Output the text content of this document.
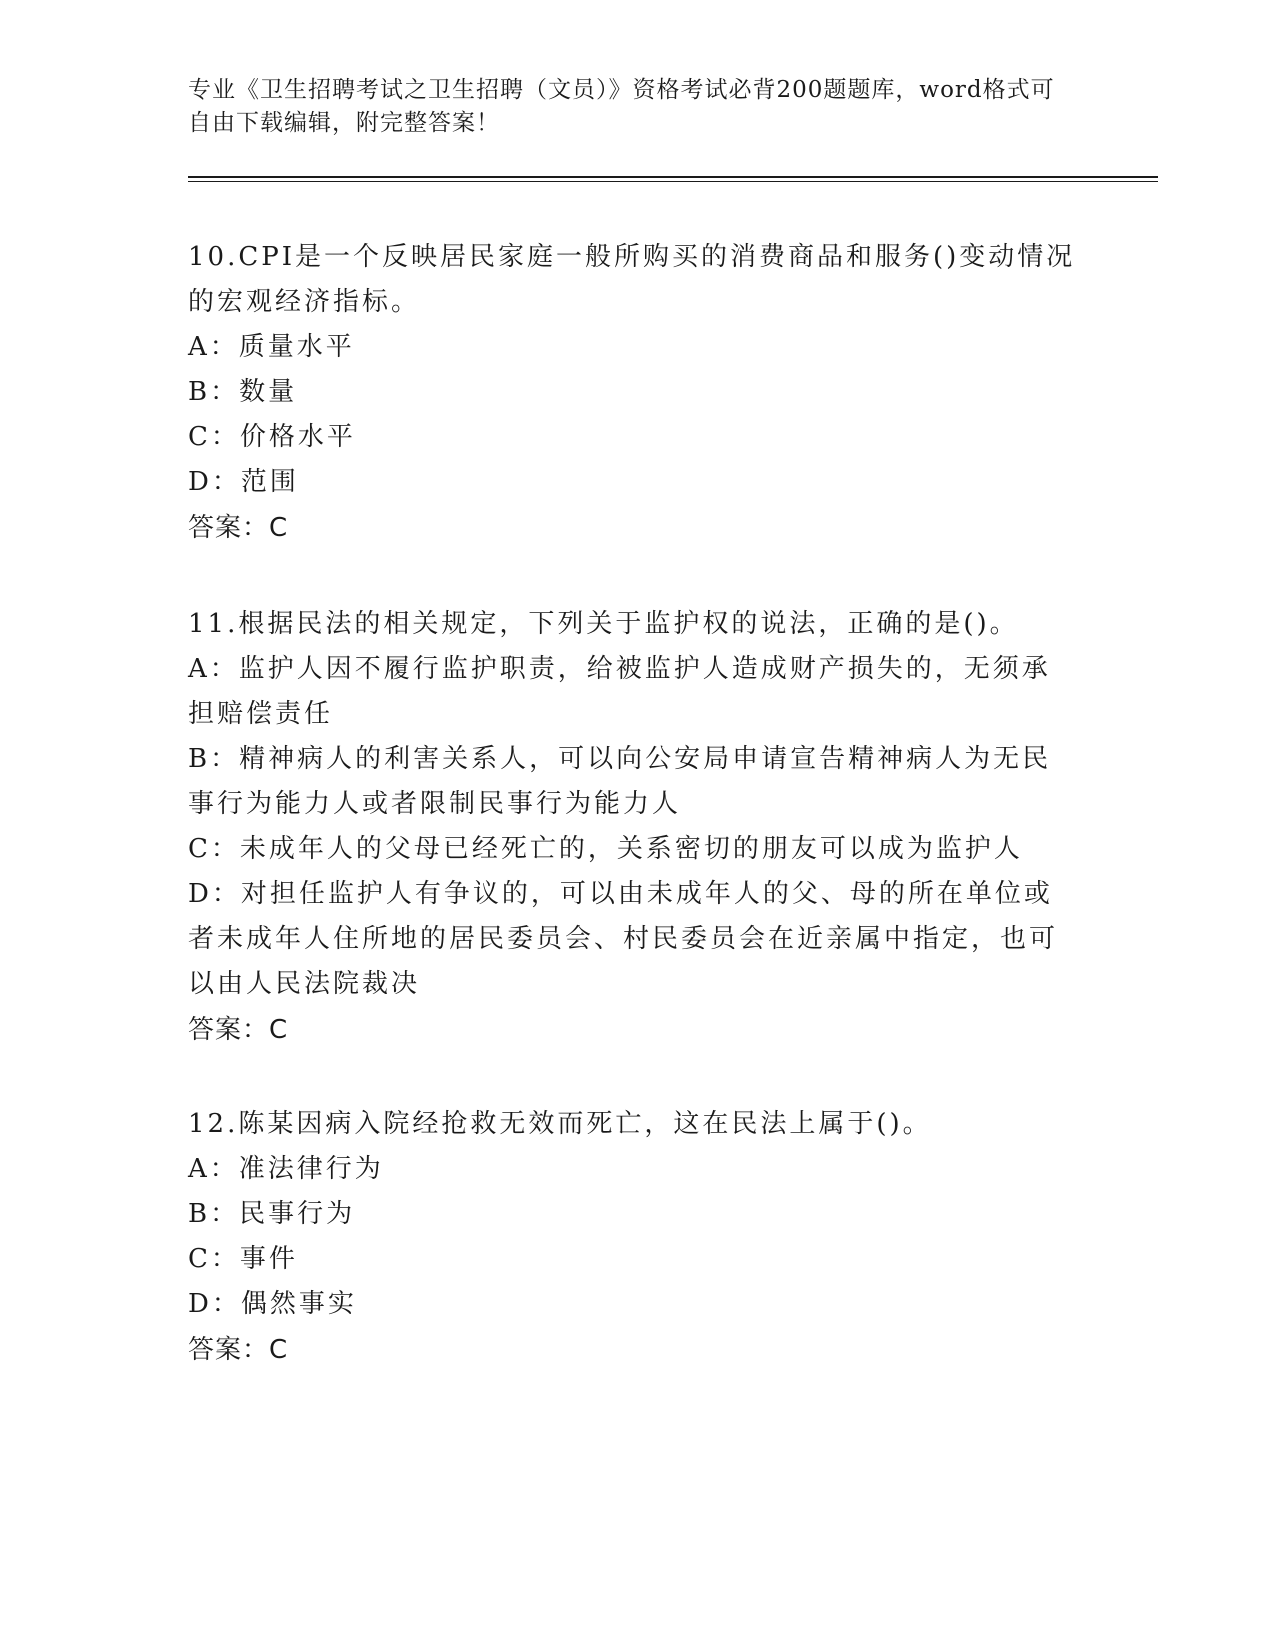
专业《卫生招聘考试之卫生招聘（文员）》资格考试必背200题题库，word格式可自由下载编辑，附完整答案！

10.CPI是一个反映居民家庭一般所购买的消费商品和服务()变动情况的宏观经济指标。

A：质量水平

B：数量

C：价格水平

D：范围

答案：C

11.根据民法的相关规定，下列关于监护权的说法，正确的是()。

A：监护人因不履行监护职责，给被监护人造成财产损失的，无须承担赔偿责任

B：精神病人的利害关系人，可以向公安局申请宣告精神病人为无民事行为能力人或者限制民事行为能力人

C：未成年人的父母已经死亡的，关系密切的朋友可以成为监护人

D：对担任监护人有争议的，可以由未成年人的父、母的所在单位或者未成年人住所地的居民委员会、村民委员会在近亲属中指定，也可以由人民法院裁决

答案：C

12.陈某因病入院经抢救无效而死亡，这在民法上属于()。

A：准法律行为

B：民事行为

C：事件

D：偶然事实

答案：C
